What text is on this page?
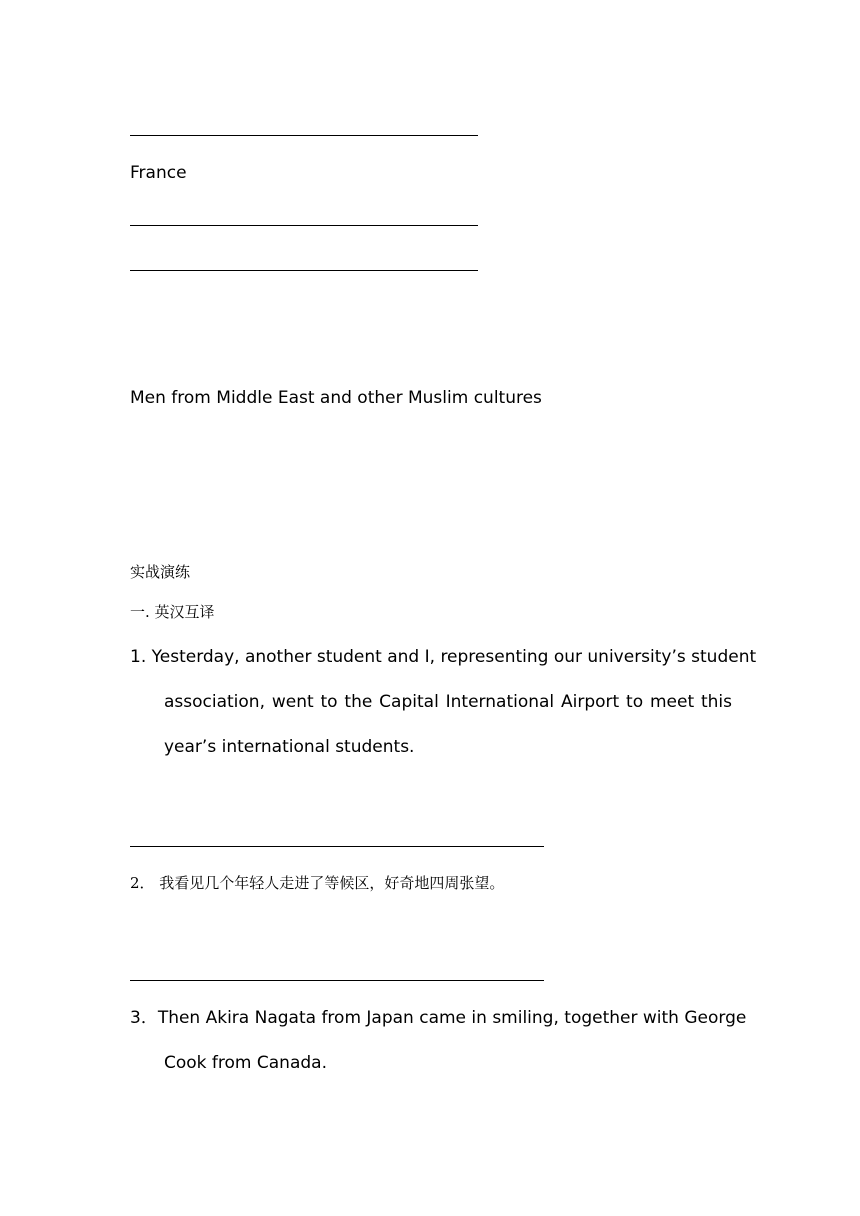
France
Men from Middle East and other Muslim cultures
实战演练
一. 英汉互译
1. Yesterday, another student and I, representing our university’s student
association, went to the Capital International Airport to meet this
year’s international students.
2． 我看见几个年轻人走进了等候区，好奇地四周张望。
3．Then Akira Nagata from Japan came in smiling, together with George
Cook from Canada.
